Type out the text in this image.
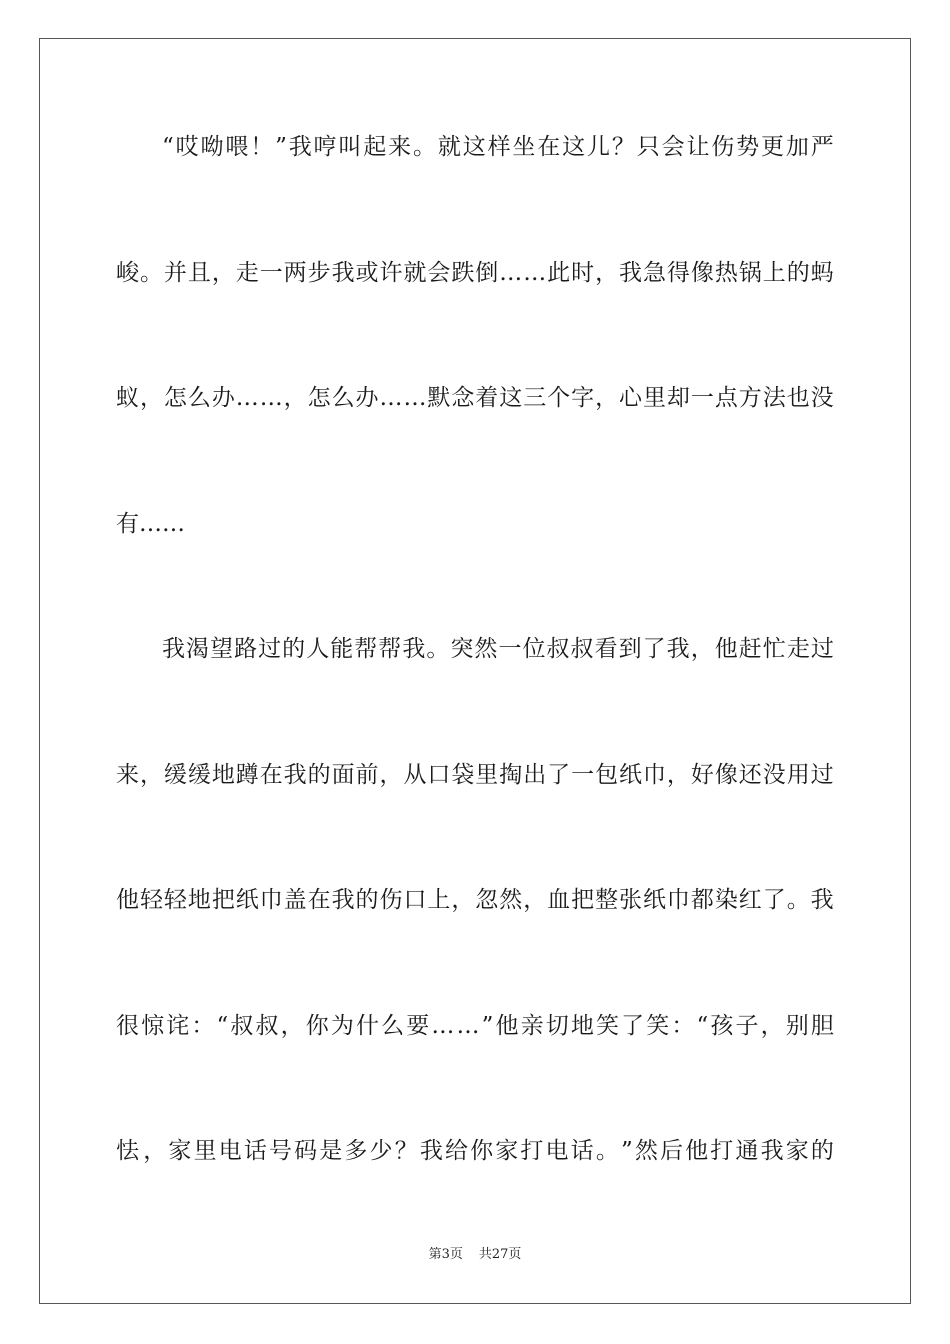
“ 哎 呦 喂 ！ ” 我 哼 叫 起 来 。 就 这 样 坐 在 这 儿 ？ 只 会 让 伤 势 更 加 严
峻 。 并 且 ， 走 一 两 步 我 或 许 就 会 跌 倒 … … 此 时 ， 我 急 得 像 热 锅 上 的 蚂
蚁 ， 怎 么 办 … … ， 怎 么 办 … … 默 念 着 这 三 个 字 ， 心 里 却 一 点 方 法 也 没
有 … …
我 渴 望 路 过 的 人 能 帮 帮 我 。 突 然 一 位 叔 叔 看 到 了 我 ， 他 赶 忙 走 过
来 ， 缓 缓 地 蹲 在 我 的 面 前 ， 从 口 袋 里 掏 出 了 一 包 纸 巾 ， 好 像 还 没 用 过
他 轻 轻 地 把 纸 巾 盖 在 我 的 伤 口 上 ， 忽 然 ， 血 把 整 张 纸 巾 都 染 红 了 。 我
很 惊 诧 ： “ 叔 叔 ， 你 为 什 么 要 … … ” 他 亲 切 地 笑 了 笑 ： “ 孩 子 ， 别 胆
怯 ， 家 里 电 话 号 码 是 多 少 ？ 我 给 你 家 打 电 话 。 ” 然 后 他 打 通 我 家 的
第3页 共27页
